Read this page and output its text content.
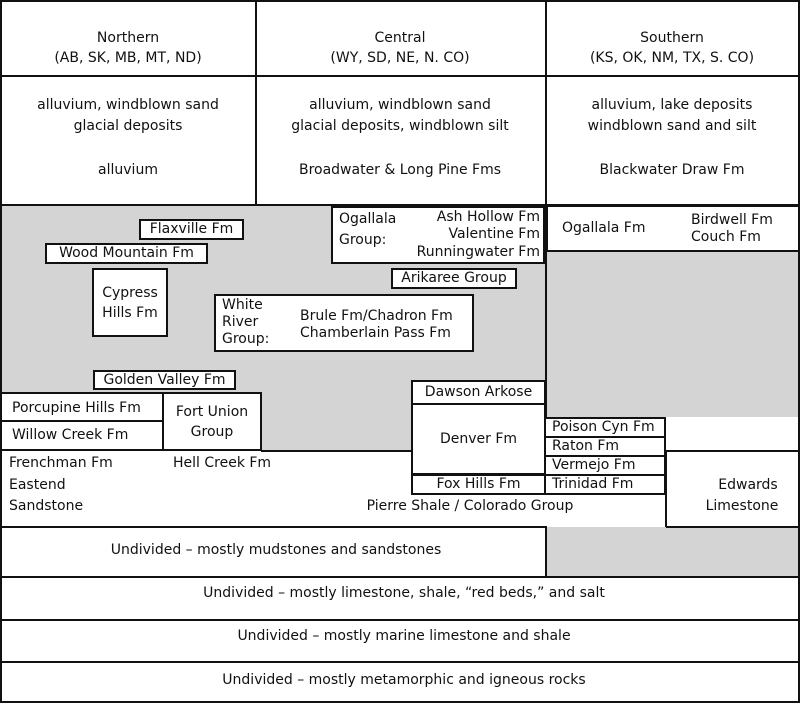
Northern
(AB, SK, MB, MT, ND)
Central
(WY, SD, NE, N. CO)
Southern
(KS, OK, NM, TX, S. CO)
alluvium, windblown sand
glacial deposits
alluvium
alluvium, windblown sand
glacial deposits, windblown silt
Broadwater & Long Pine Fms
alluvium, lake deposits
windblown sand and silt
Blackwater Draw Fm
Flaxville Fm
Wood Mountain Fm
Cypress
Hills Fm
Ogallala
Group:
Ash Hollow Fm
Valentine Fm
Runningwater Fm
Arikaree Group
White
River
Group:
Brule Fm/Chadron Fm
Chamberlain Pass Fm
Ogallala Fm	Birdwell Fm
Couch Fm
Golden Valley Fm
Porcupine Hills Fm
Willow Creek Fm
Fort Union
Group
Dawson Arkose
Denver Fm
Fox Hills Fm
Poison Cyn Fm
Raton Fm
Vermejo Fm
Trinidad Fm
Frenchman Fm
Eastend
Sandstone
Hell Creek Fm
Pierre Shale / Colorado Group
Edwards
Limestone
Undivided – mostly mudstones and sandstones
Undivided – mostly limestone, shale, “red beds,” and salt
Undivided – mostly marine limestone and shale
Undivided – mostly metamorphic and igneous rocks
